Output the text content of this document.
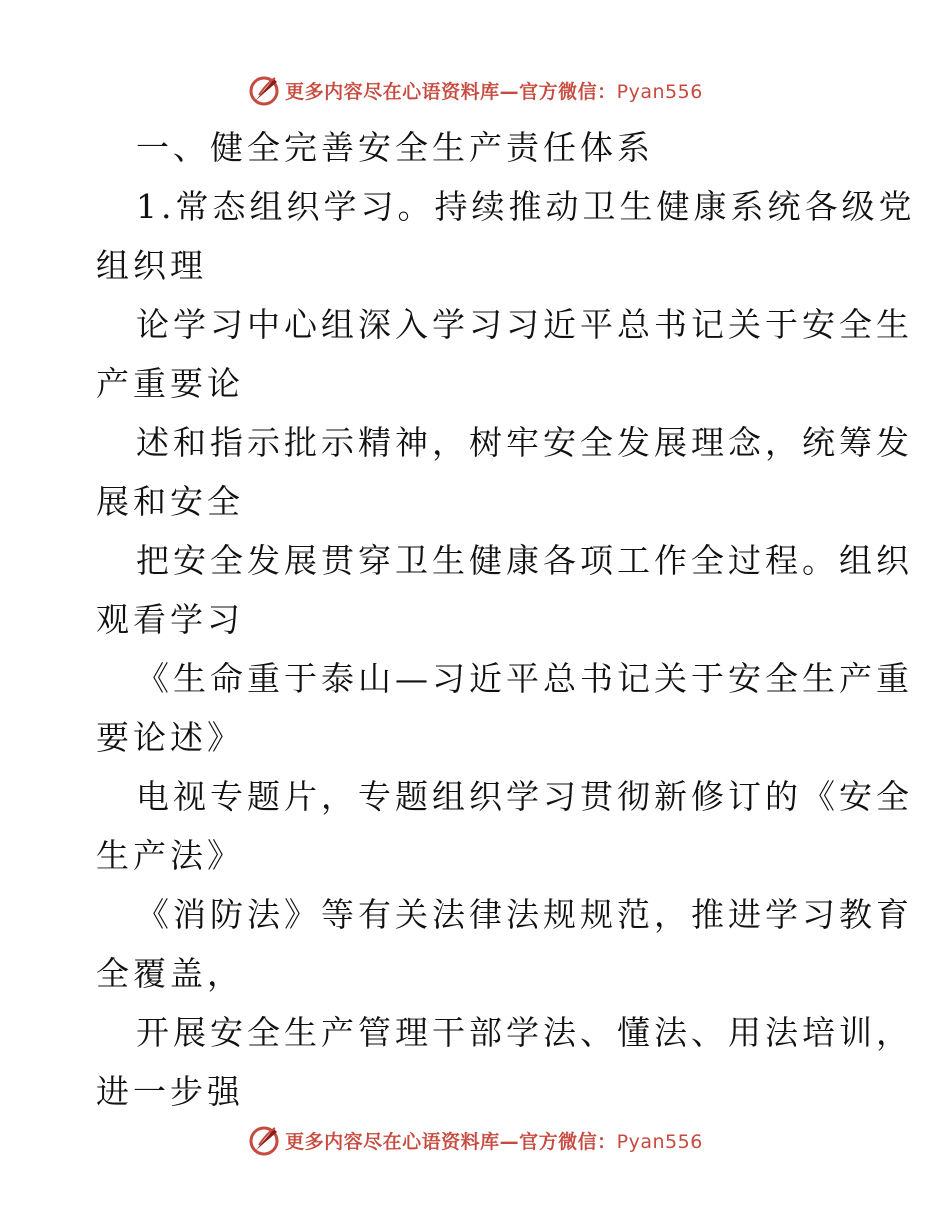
更多内容尽在心语资料库—官方微信：Pyan556
一、健全完善安全生产责任体系
1.常态组织学习。持续推动卫生健康系统各级党
组织理
论学习中心组深入学习习近平总书记关于安全生
产重要论
述和指示批示精神，树牢安全发展理念，统筹发
展和安全
把安全发展贯穿卫生健康各项工作全过程。组织
观看学习
《生命重于泰山—习近平总书记关于安全生产重
要论述》
电视专题片，专题组织学习贯彻新修订的《安全
生产法》
《消防法》等有关法律法规规范，推进学习教育
全覆盖，
开展安全生产管理干部学法、懂法、用法培训，
进一步强
更多内容尽在心语资料库—官方微信：Pyan556
